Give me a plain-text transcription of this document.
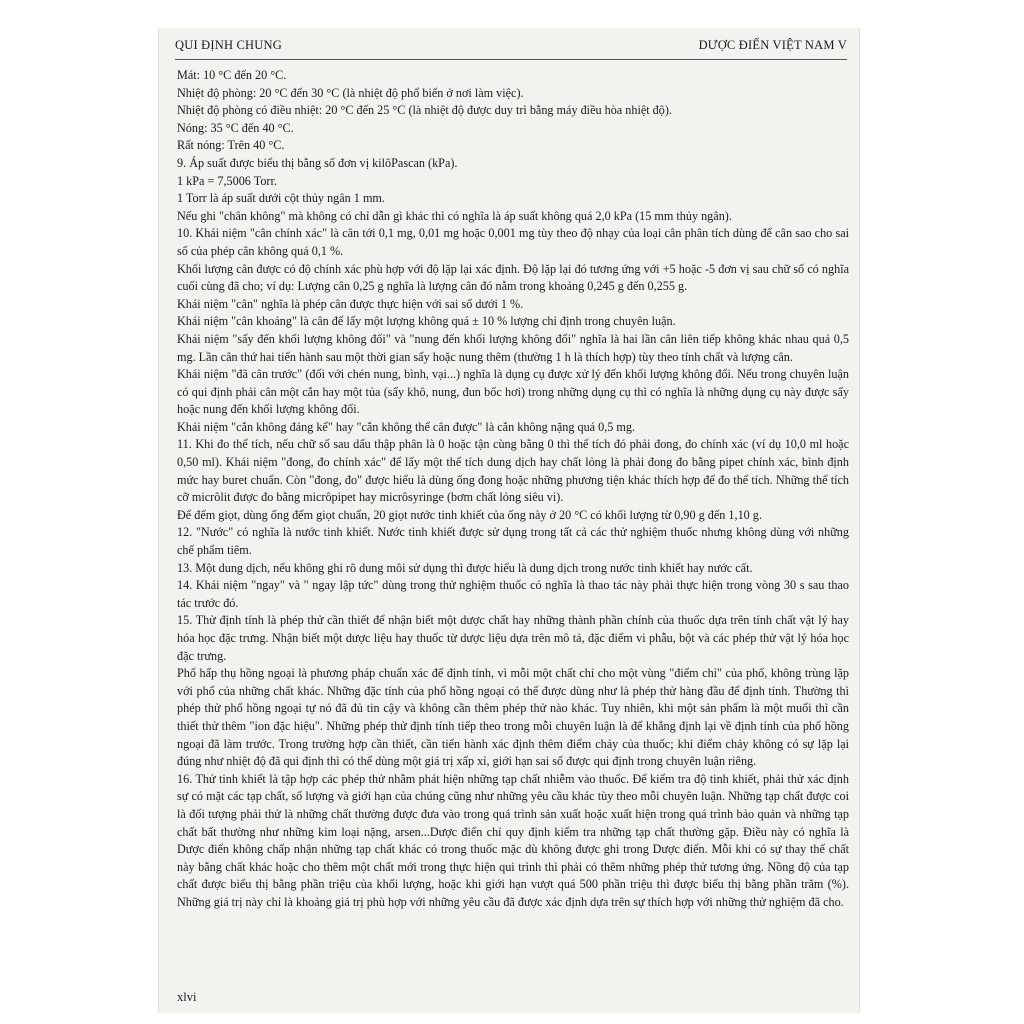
QUI ĐỊNH CHUNG	DƯỢC ĐIỂN VIỆT NAM V

Mát: 10 °C đến 20 °C.

Nhiệt độ phòng: 20 °C đến 30 °C (là nhiệt độ phổ biến ở nơi làm việc).

Nhiệt độ phòng có điều nhiệt: 20 °C đến 25 °C (là nhiệt độ được duy trì bằng máy điều hòa nhiệt độ).

Nóng: 35 °C đến 40 °C.

Rất nóng: Trên 40 °C.

9. Áp suất được biểu thị bằng số đơn vị kilôPascan (kPa).

1 kPa = 7,5006 Torr.

1 Torr là áp suất dưới cột thủy ngân 1 mm.

Nếu ghi "chân không" mà không có chỉ dẫn gì khác thì có nghĩa là áp suất không quá 2,0 kPa (15 mm thủy ngân).

10. Khái niệm "cân chính xác" là cân tới 0,1 mg, 0,01 mg hoặc 0,001 mg tùy theo độ nhạy của loại cân phân tích dùng để cân sao cho sai số của phép cân không quá 0,1 %.

Khối lượng cân được có độ chính xác phù hợp với độ lặp lại xác định. Độ lặp lại đó tương ứng với +5 hoặc -5 đơn vị sau chữ số có nghĩa cuối cùng đã cho; ví dụ: Lượng cân 0,25 g nghĩa là lượng cân đó nằm trong khoảng 0,245 g đến 0,255 g.

Khái niệm "cân" nghĩa là phép cân được thực hiện với sai số dưới 1 %.

Khái niệm "cân khoảng" là cân để lấy một lượng không quá ± 10 % lượng chỉ định trong chuyên luận.

Khái niệm "sấy đến khối lượng không đổi" và "nung đến khối lượng không đổi" nghĩa là hai lần cân liên tiếp không khác nhau quá 0,5 mg. Lần cân thứ hai tiến hành sau một thời gian sấy hoặc nung thêm (thường 1 h là thích hợp) tùy theo tính chất và lượng cân.

Khái niệm "đã cân trước" (đối với chén nung, bình, vại...) nghĩa là dụng cụ được xử lý đến khối lượng không đổi. Nếu trong chuyên luận có qui định phải cân một cắn hay một tủa (sấy khô, nung, đun bốc hơi) trong những dụng cụ thì có nghĩa là những dụng cụ này được sấy hoặc nung đến khối lượng không đổi.

Khái niệm "cắn không đáng kể" hay "cắn không thể cân được" là cắn không nặng quá 0,5 mg.

11. Khi đo thể tích, nếu chữ số sau dấu thập phân là 0 hoặc tận cùng bằng 0 thì thể tích đó phải đong, đo chính xác (ví dụ 10,0 ml hoặc 0,50 ml). Khái niệm "đong, đo chính xác" để lấy một thể tích dung dịch hay chất lỏng là phải đong đo bằng pipet chính xác, bình định mức hay buret chuẩn. Còn "đong, đo" được hiểu là dùng ống đong hoặc những phương tiện khác thích hợp để đo thể tích. Những thể tích cỡ micrôlit được đo bằng micrôpipet hay micrôsyringe (bơm chất lỏng siêu vi).

Để đếm giọt, dùng ống đếm giọt chuẩn, 20 giọt nước tinh khiết của ống này ở 20 °C có khối lượng từ 0,90 g đến 1,10 g.

12. "Nước" có nghĩa là nước tinh khiết. Nước tinh khiết được sử dụng trong tất cả các thử nghiệm thuốc nhưng không dùng với những chế phẩm tiêm.

13. Một dung dịch, nếu không ghi rõ dung môi sử dụng thì được hiểu là dung dịch trong nước tinh khiết hay nước cất.

14. Khái niệm "ngay" và " ngay lập tức" dùng trong thử nghiệm thuốc có nghĩa là thao tác này phải thực hiện trong vòng 30 s sau thao tác trước đó.

15. Thử định tính là phép thử cần thiết để nhận biết một dược chất hay những thành phần chính của thuốc dựa trên tính chất vật lý hay hóa học đặc trưng. Nhận biết một dược liệu hay thuốc từ dược liệu dựa trên mô tả, đặc điểm vi phẫu, bột và các phép thử vật lý hóa học đặc trưng.

Phổ hấp thụ hồng ngoại là phương pháp chuẩn xác để định tính, vì mỗi một chất chỉ cho một vùng "điểm chỉ" của phổ, không trùng lặp với phổ của những chất khác. Những đặc tính của phổ hồng ngoại có thể được dùng như là phép thử hàng đầu để định tính. Thường thì phép thử phổ hồng ngoại tự nó đã đủ tin cậy và không cần thêm phép thử nào khác. Tuy nhiên, khi một sản phẩm là một muối thì cần thiết thử thêm "ion đặc hiệu". Những phép thử định tính tiếp theo trong mỗi chuyên luận là để khẳng định lại về định tính của phổ hồng ngoại đã làm trước. Trong trường hợp cần thiết, cần tiến hành xác định thêm điểm chảy của thuốc; khi điểm chảy không có sự lặp lại đúng như nhiệt độ đã qui định thì có thể dùng một giá trị xấp xỉ, giới hạn sai số được qui định trong chuyên luận riêng.

16. Thử tinh khiết là tập hợp các phép thử nhằm phát hiện những tạp chất nhiễm vào thuốc. Để kiểm tra độ tinh khiết, phải thử xác định sự có mặt các tạp chất, số lượng và giới hạn của chúng cũng như những yêu cầu khác tùy theo mỗi chuyên luận. Những tạp chất được coi là đối tượng phải thử là những chất thường được đưa vào trong quá trình sản xuất hoặc xuất hiện trong quá trình bảo quản và những tạp chất bất thường như những kim loại nặng, arsen...Dược điển chỉ quy định kiểm tra những tạp chất thường gặp. Điều này có nghĩa là Dược điển không chấp nhận những tạp chất khác có trong thuốc mặc dù không được ghi trong Dược điển. Mỗi khi có sự thay thế chất này bằng chất khác hoặc cho thêm một chất mới trong thực hiện qui trình thì phải có thêm những phép thử tương ứng. Nồng độ của tạp chất được biểu thị bằng phần triệu của khối lượng, hoặc khi giới hạn vượt quá 500 phần triệu thì được biểu thị bằng phần trăm (%). Những giá trị này chỉ là khoảng giá trị phù hợp với những yêu cầu đã được xác định dựa trên sự thích hợp với những thử nghiệm đã cho.

xlvi
